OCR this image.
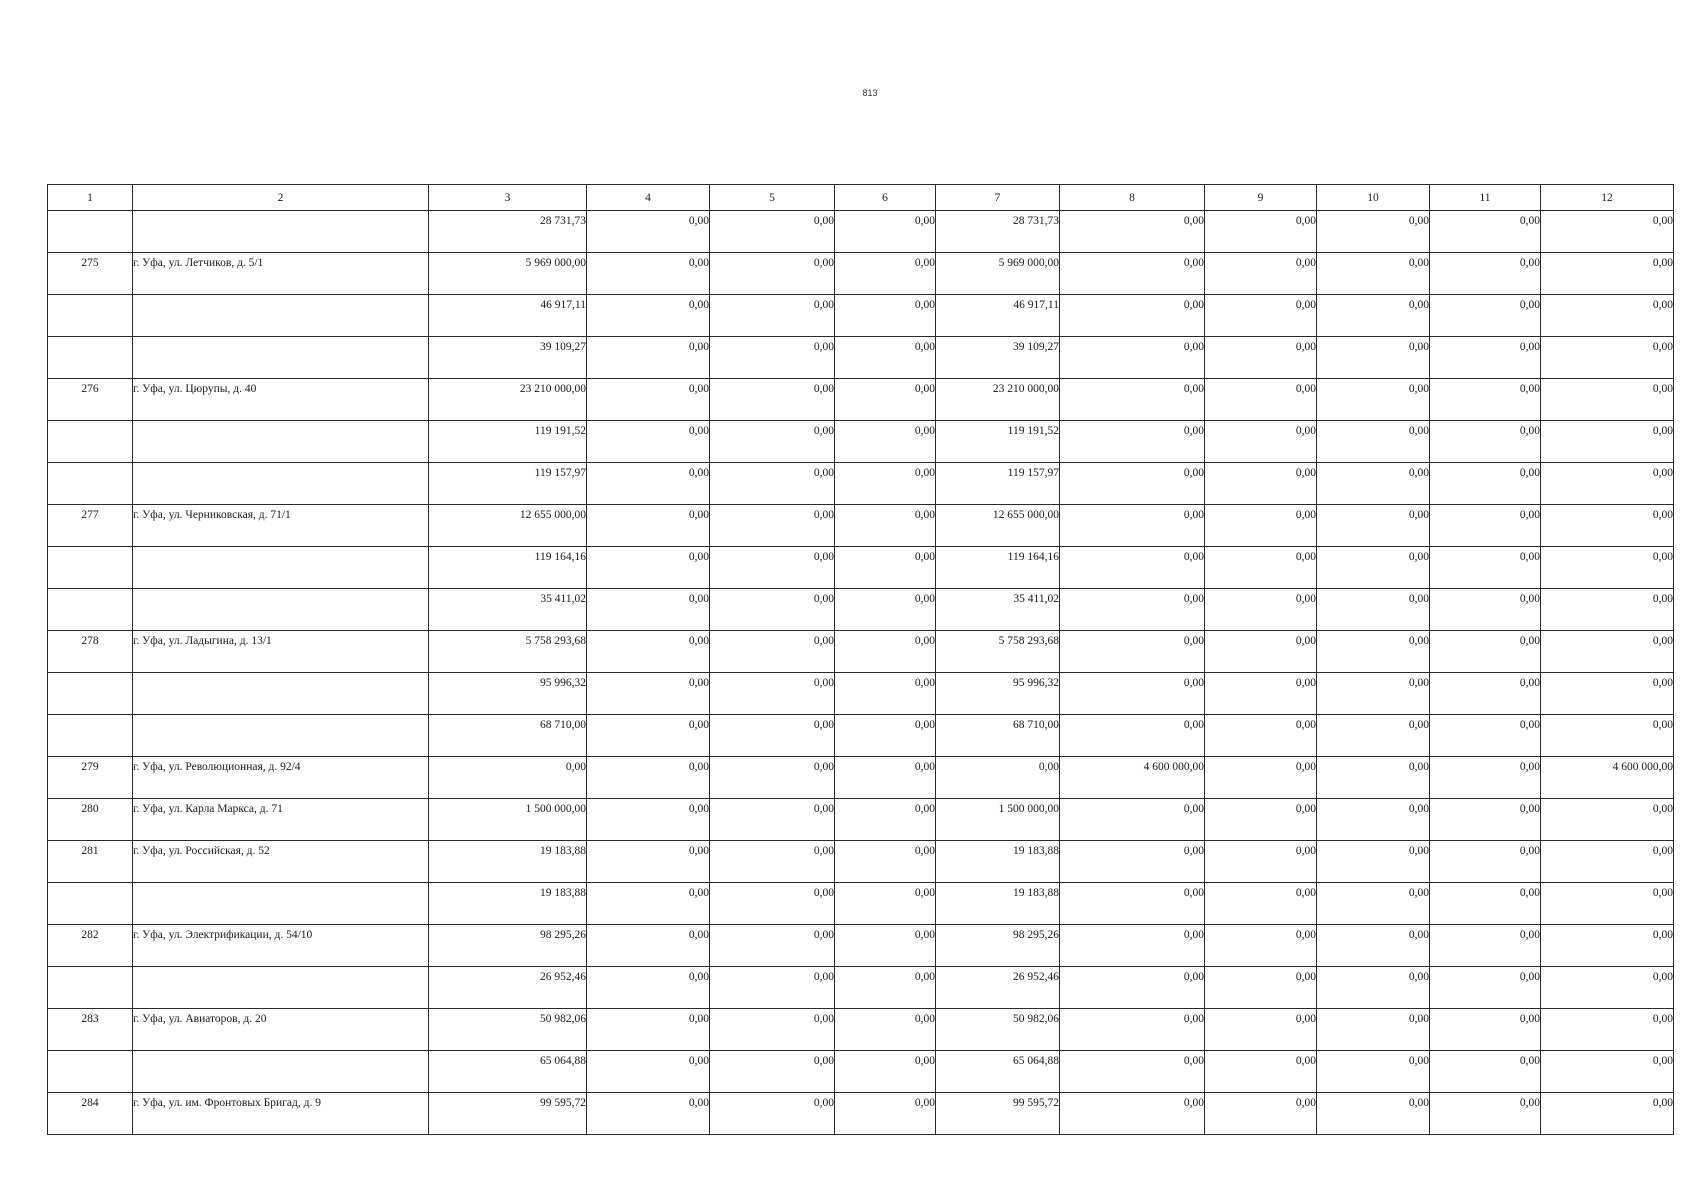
813
1	2	3	4	5	6	7	8	9	10	11	12
		28 731,73	0,00	0,00	0,00	28 731,73	0,00	0,00	0,00	0,00	0,00
275	г. Уфа, ул. Летчиков, д. 5/1	5 969 000,00	0,00	0,00	0,00	5 969 000,00	0,00	0,00	0,00	0,00	0,00
		46 917,11	0,00	0,00	0,00	46 917,11	0,00	0,00	0,00	0,00	0,00
		39 109,27	0,00	0,00	0,00	39 109,27	0,00	0,00	0,00	0,00	0,00
276	г. Уфа, ул. Цюрупы, д. 40	23 210 000,00	0,00	0,00	0,00	23 210 000,00	0,00	0,00	0,00	0,00	0,00
		119 191,52	0,00	0,00	0,00	119 191,52	0,00	0,00	0,00	0,00	0,00
		119 157,97	0,00	0,00	0,00	119 157,97	0,00	0,00	0,00	0,00	0,00
277	г. Уфа, ул. Черниковская, д. 71/1	12 655 000,00	0,00	0,00	0,00	12 655 000,00	0,00	0,00	0,00	0,00	0,00
		119 164,16	0,00	0,00	0,00	119 164,16	0,00	0,00	0,00	0,00	0,00
		35 411,02	0,00	0,00	0,00	35 411,02	0,00	0,00	0,00	0,00	0,00
278	г. Уфа, ул. Ладыгина, д. 13/1	5 758 293,68	0,00	0,00	0,00	5 758 293,68	0,00	0,00	0,00	0,00	0,00
		95 996,32	0,00	0,00	0,00	95 996,32	0,00	0,00	0,00	0,00	0,00
		68 710,00	0,00	0,00	0,00	68 710,00	0,00	0,00	0,00	0,00	0,00
279	г. Уфа, ул. Революционная, д. 92/4	0,00	0,00	0,00	0,00	0,00	4 600 000,00	0,00	0,00	0,00	4 600 000,00
280	г. Уфа, ул. Карла Маркса, д. 71	1 500 000,00	0,00	0,00	0,00	1 500 000,00	0,00	0,00	0,00	0,00	0,00
281	г. Уфа, ул. Российская, д. 52	19 183,88	0,00	0,00	0,00	19 183,88	0,00	0,00	0,00	0,00	0,00
		19 183,88	0,00	0,00	0,00	19 183,88	0,00	0,00	0,00	0,00	0,00
282	г. Уфа, ул. Электрификации, д. 54/10	98 295,26	0,00	0,00	0,00	98 295,26	0,00	0,00	0,00	0,00	0,00
		26 952,46	0,00	0,00	0,00	26 952,46	0,00	0,00	0,00	0,00	0,00
283	г. Уфа, ул. Авиаторов, д. 20	50 982,06	0,00	0,00	0,00	50 982,06	0,00	0,00	0,00	0,00	0,00
		65 064,88	0,00	0,00	0,00	65 064,88	0,00	0,00	0,00	0,00	0,00
284	г. Уфа, ул. им. Фронтовых Бригад, д. 9	99 595,72	0,00	0,00	0,00	99 595,72	0,00	0,00	0,00	0,00	0,00
